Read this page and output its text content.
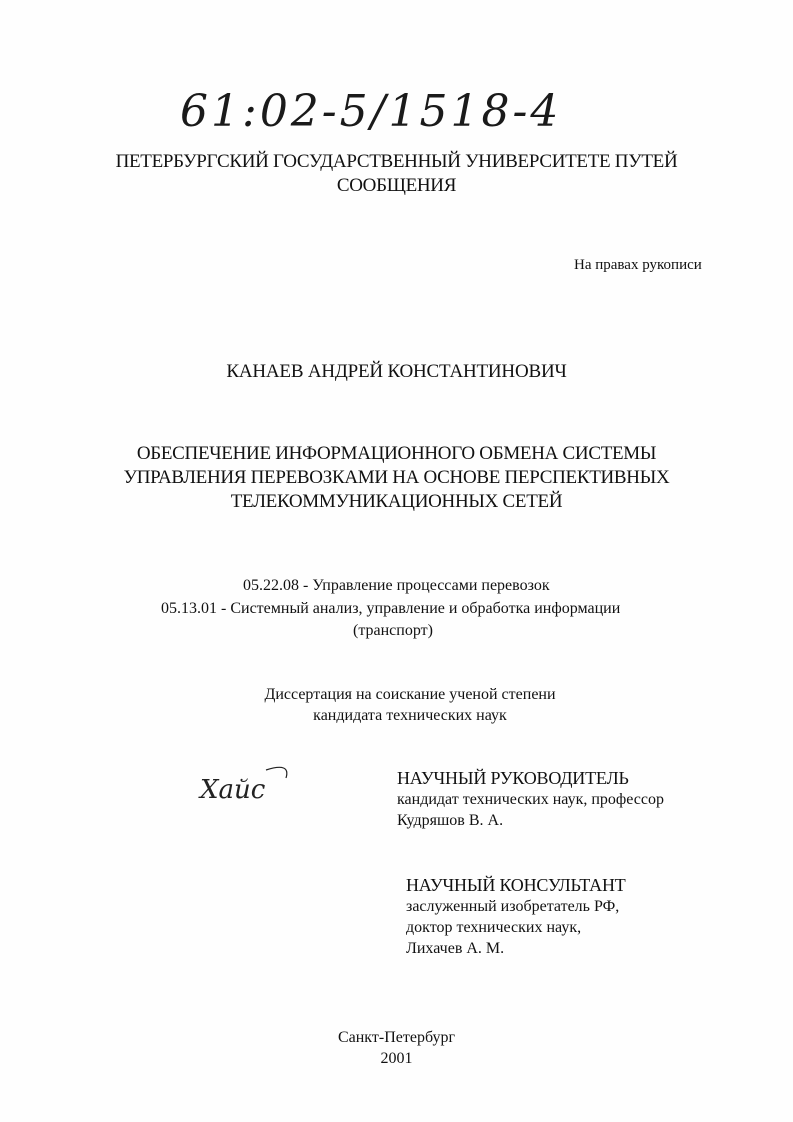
61:02-5/1518-4
ПЕТЕРБУРГСКИЙ ГОСУДАРСТВЕННЫЙ УНИВЕРСИТЕТЕ ПУТЕЙ
СООБЩЕНИЯ
На правах рукописи
КАНАЕВ АНДРЕЙ КОНСТАНТИНОВИЧ
ОБЕСПЕЧЕНИЕ ИНФОРМАЦИОННОГО ОБМЕНА СИСТЕМЫ
УПРАВЛЕНИЯ ПЕРЕВОЗКАМИ НА ОСНОВЕ ПЕРСПЕКТИВНЫХ
ТЕЛЕКОММУНИКАЦИОННЫХ СЕТЕЙ
05.22.08 - Управление процессами перевозок
05.13.01 - Системный анализ, управление и обработка информации
(транспорт)
Диссертация на соискание ученой степени
кандидата технических наук
Хайс	НАУЧНЫЙ РУКОВОДИТЕЛЬ
кандидат технических наук, профессор
Кудряшов В. А.
НАУЧНЫЙ КОНСУЛЬТАНТ
заслуженный изобретатель РФ,
доктор технических наук,
Лихачев А. М.
Санкт-Петербург
2001
